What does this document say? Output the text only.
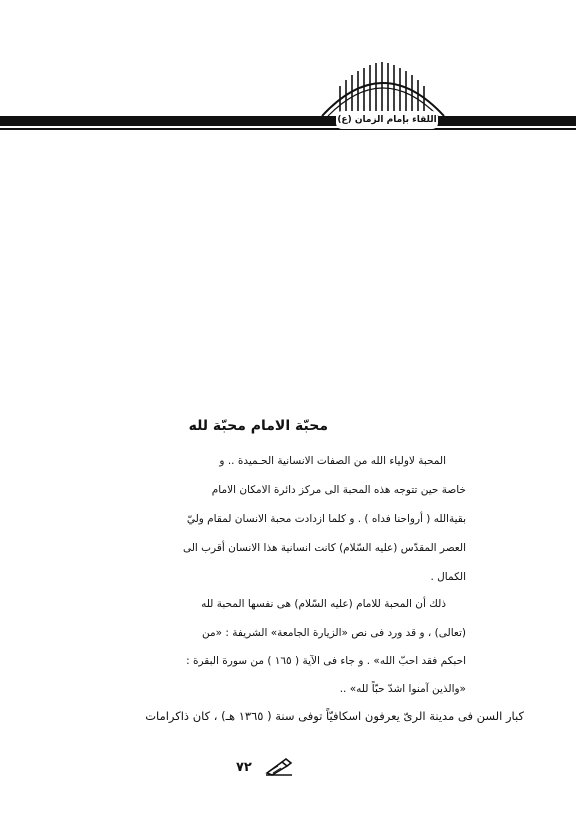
اللقاء بإمام الزمان (ع)
محبّة الامام محبّة لله
المحبة لاولياء الله من الصفات الانسانية الحـميدة .. و
خاصة حين تتوجه هذه المحبة الى مركز دائرة الامكان الامام
بقية‌الله ( أرواحنا فداه ) . و كلما ازدادت محبة الانسان لمقام وليّ
العصر المقدّس (عليه السّلام) كانت انسانية هذا الانسان أقرب الى
الكمال .
ذلك أن المحبة للامام (عليه السّلام) هى نفسها المحبة لله
(تعالى) ، و قد ورد فى نص «الزيارة الجامعة» الشريفة : «من
احبكم فقد احبّ الله» . و جاء فى الآية ( ١٦٥ ) من سورة البقرة :
«والذين آمنوا اشدّ حبّاً لله» ..
كبار السن فى مدينة الرىّ يعرفون اسكافيّاً توفى سنة ( ١٣٦٥ هـ) ، كان ذاكرامات
٧٢
